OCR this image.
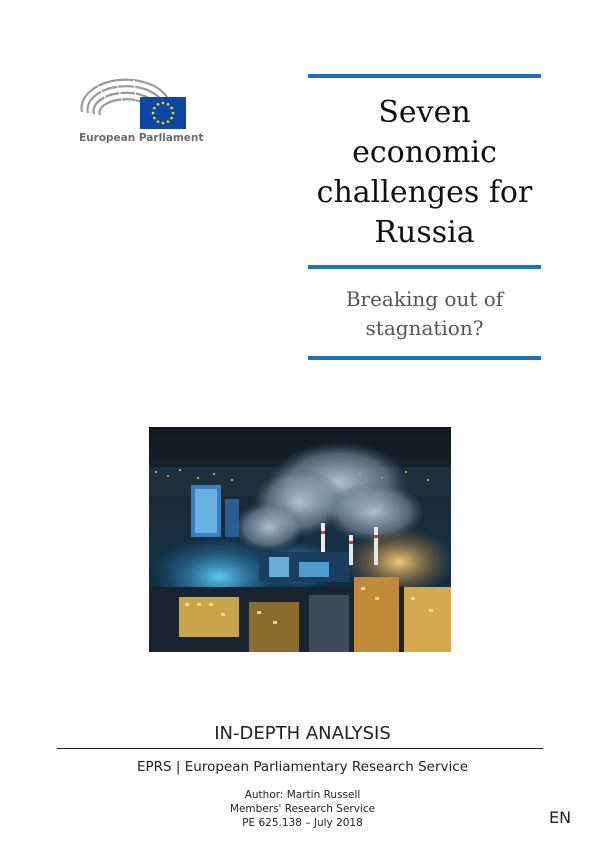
European Parliament
Seven
economic
challenges for
Russia
Breaking out of
stagnation?
IN-DEPTH ANALYSIS
EPRS | European Parliamentary Research Service
Author: Martin Russell
Members' Research Service
PE 625.138 – July 2018	EN
